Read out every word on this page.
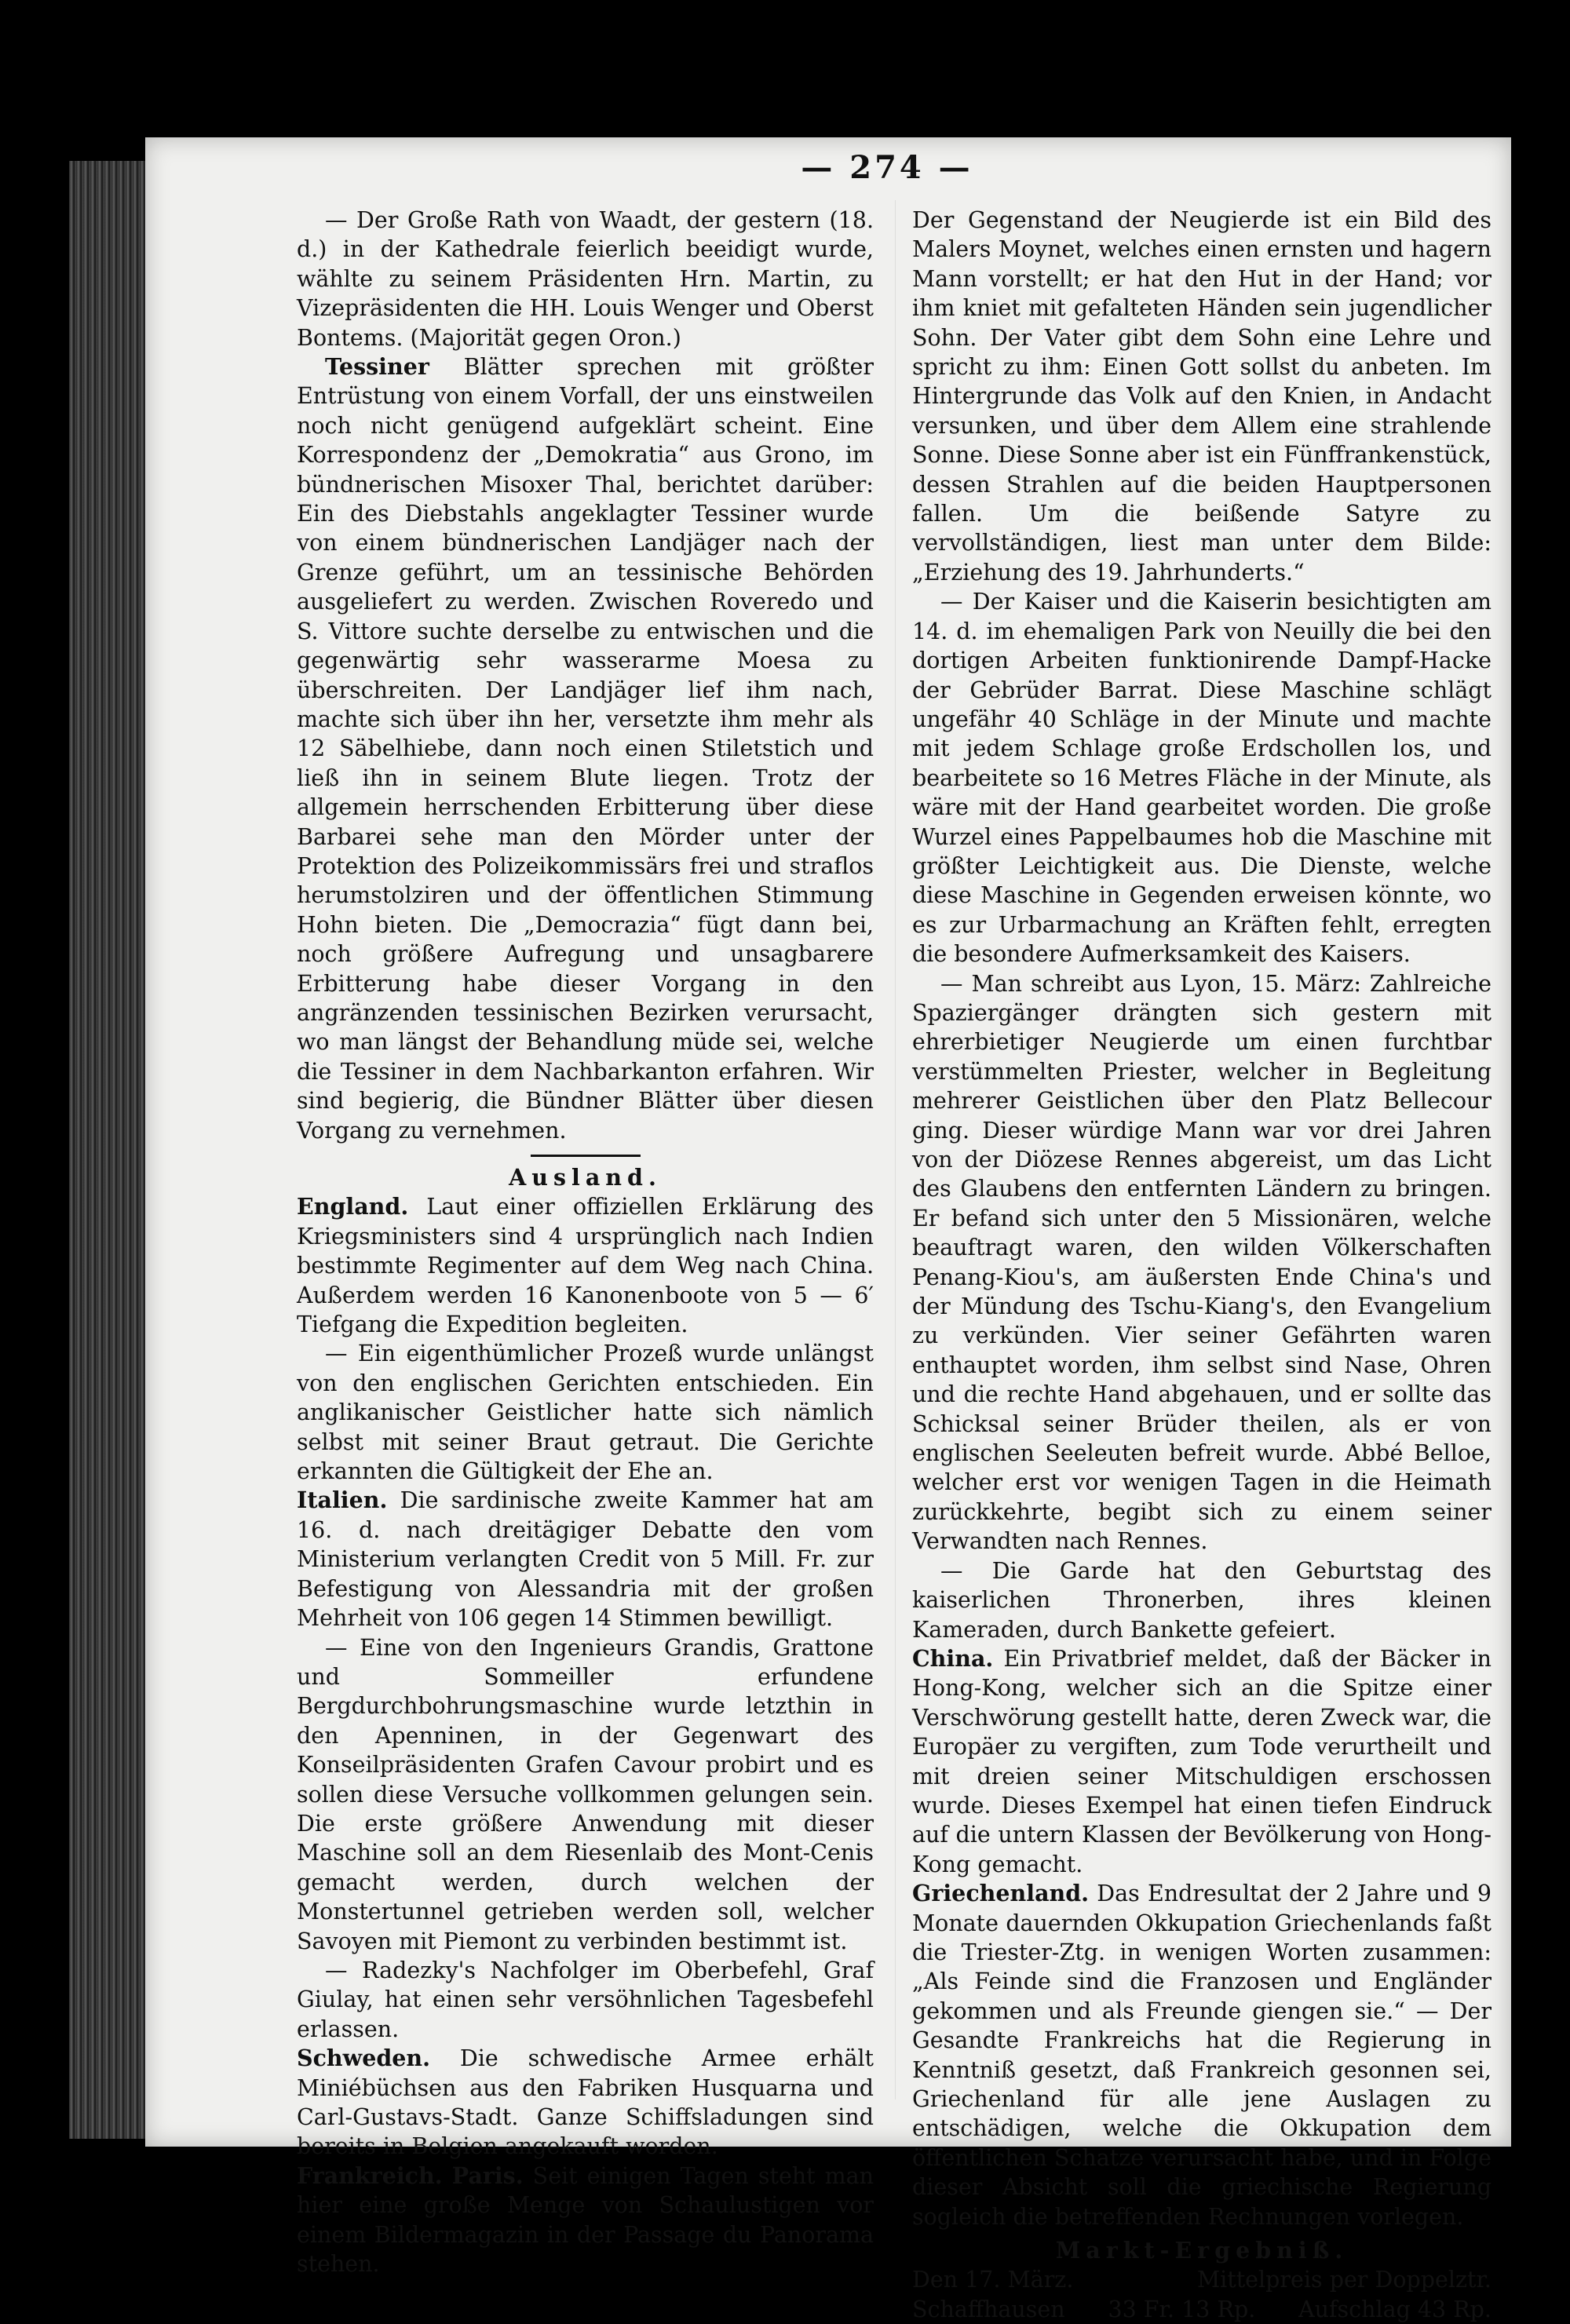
— 274 —

— Der Große Rath von Waadt, der gestern (18. d.) in der Kathedrale feierlich beeidigt wurde, wählte zu seinem Präsidenten Hrn. Martin, zu Vizepräsidenten die HH. Louis Wenger und Oberst Bontems. (Majorität gegen Oron.)

Tessiner Blätter sprechen mit größter Entrüstung von einem Vorfall, der uns einstweilen noch nicht genügend aufgeklärt scheint. Eine Korrespondenz der „Demokratia“ aus Grono, im bündnerischen Misoxer Thal, berichtet darüber: Ein des Diebstahls angeklagter Tessiner wurde von einem bündnerischen Landjäger nach der Grenze geführt, um an tessinische Behörden ausgeliefert zu werden. Zwischen Roveredo und S. Vittore suchte derselbe zu entwischen und die gegenwärtig sehr wasserarme Moesa zu überschreiten. Der Landjäger lief ihm nach, machte sich über ihn her, versetzte ihm mehr als 12 Säbelhiebe, dann noch einen Stiletstich und ließ ihn in seinem Blute liegen. Trotz der allgemein herrschenden Erbitterung über diese Barbarei sehe man den Mörder unter der Protektion des Polizeikommissärs frei und straflos herumstolziren und der öffentlichen Stimmung Hohn bieten. Die „Democrazia“ fügt dann bei, noch größere Aufregung und unsagbarere Erbitterung habe dieser Vorgang in den angränzenden tessinischen Bezirken verursacht, wo man längst der Behandlung müde sei, welche die Tessiner in dem Nachbarkanton erfahren. Wir sind begierig, die Bündner Blätter über diesen Vorgang zu vernehmen.

Ausland.

England. Laut einer offiziellen Erklärung des Kriegsministers sind 4 ursprünglich nach Indien bestimmte Regimenter auf dem Weg nach China. Außerdem werden 16 Kanonenboote von 5 — 6′ Tiefgang die Expedition begleiten.

— Ein eigenthümlicher Prozeß wurde unlängst von den englischen Gerichten entschieden. Ein anglikanischer Geistlicher hatte sich nämlich selbst mit seiner Braut getraut. Die Gerichte erkannten die Gültigkeit der Ehe an.

Italien. Die sardinische zweite Kammer hat am 16. d. nach dreitägiger Debatte den vom Ministerium verlangten Credit von 5 Mill. Fr. zur Befestigung von Alessandria mit der großen Mehrheit von 106 gegen 14 Stimmen bewilligt.

— Eine von den Ingenieurs Grandis, Grattone und Sommeiller erfundene Bergdurchbohrungsmaschine wurde letzthin in den Apenninen, in der Gegenwart des Konseilpräsidenten Grafen Cavour probirt und es sollen diese Versuche vollkommen gelungen sein. Die erste größere Anwendung mit dieser Maschine soll an dem Riesenlaib des Mont-Cenis gemacht werden, durch welchen der Monstertunnel getrieben werden soll, welcher Savoyen mit Piemont zu verbinden bestimmt ist.

— Radezky's Nachfolger im Oberbefehl, Graf Giulay, hat einen sehr versöhnlichen Tagesbefehl erlassen.

Schweden. Die schwedische Armee erhält Miniébüchsen aus den Fabriken Husquarna und Carl-Gustavs-Stadt. Ganze Schiffsladungen sind bereits in Belgien angekauft worden.

Frankreich. Paris. Seit einigen Tagen steht man hier eine große Menge von Schaulustigen vor einem Bildermagazin in der Passage du Panorama stehen.

Der Gegenstand der Neugierde ist ein Bild des Malers Moynet, welches einen ernsten und hagern Mann vorstellt; er hat den Hut in der Hand; vor ihm kniet mit gefalteten Händen sein jugendlicher Sohn. Der Vater gibt dem Sohn eine Lehre und spricht zu ihm: Einen Gott sollst du anbeten. Im Hintergrunde das Volk auf den Knien, in Andacht versunken, und über dem Allem eine strahlende Sonne. Diese Sonne aber ist ein Fünffrankenstück, dessen Strahlen auf die beiden Hauptpersonen fallen. Um die beißende Satyre zu vervollständigen, liest man unter dem Bilde: „Erziehung des 19. Jahrhunderts.“

— Der Kaiser und die Kaiserin besichtigten am 14. d. im ehemaligen Park von Neuilly die bei den dortigen Arbeiten funktionirende Dampf-Hacke der Gebrüder Barrat. Diese Maschine schlägt ungefähr 40 Schläge in der Minute und machte mit jedem Schlage große Erdschollen los, und bearbeitete so 16 Metres Fläche in der Minute, als wäre mit der Hand gearbeitet worden. Die große Wurzel eines Pappelbaumes hob die Maschine mit größter Leichtigkeit aus. Die Dienste, welche diese Maschine in Gegenden erweisen könnte, wo es zur Urbarmachung an Kräften fehlt, erregten die besondere Aufmerksamkeit des Kaisers.

— Man schreibt aus Lyon, 15. März: Zahlreiche Spaziergänger drängten sich gestern mit ehrerbietiger Neugierde um einen furchtbar verstümmelten Priester, welcher in Begleitung mehrerer Geistlichen über den Platz Bellecour ging. Dieser würdige Mann war vor drei Jahren von der Diözese Rennes abgereist, um das Licht des Glaubens den entfernten Ländern zu bringen. Er befand sich unter den 5 Missionären, welche beauftragt waren, den wilden Völkerschaften Penang-Kiou's, am äußersten Ende China's und der Mündung des Tschu-Kiang's, den Evangelium zu verkünden. Vier seiner Gefährten waren enthauptet worden, ihm selbst sind Nase, Ohren und die rechte Hand abgehauen, und er sollte das Schicksal seiner Brüder theilen, als er von englischen Seeleuten befreit wurde. Abbé Belloe, welcher erst vor wenigen Tagen in die Heimath zurückkehrte, begibt sich zu einem seiner Verwandten nach Rennes.

— Die Garde hat den Geburtstag des kaiserlichen Thronerben, ihres kleinen Kameraden, durch Bankette gefeiert.

China. Ein Privatbrief meldet, daß der Bäcker in Hong-Kong, welcher sich an die Spitze einer Verschwörung gestellt hatte, deren Zweck war, die Europäer zu vergiften, zum Tode verurtheilt und mit dreien seiner Mitschuldigen erschossen wurde. Dieses Exempel hat einen tiefen Eindruck auf die untern Klassen der Bevölkerung von Hong-Kong gemacht.

Griechenland. Das Endresultat der 2 Jahre und 9 Monate dauernden Okkupation Griechenlands faßt die Triester-Ztg. in wenigen Worten zusammen: „Als Feinde sind die Franzosen und Engländer gekommen und als Freunde giengen sie.“ — Der Gesandte Frankreichs hat die Regierung in Kenntniß gesetzt, daß Frankreich gesonnen sei, Griechenland für alle jene Auslagen zu entschädigen, welche die Okkupation dem öffentlichen Schatze verursacht habe, und in Folge dieser Absicht soll die griechische Regierung sogleich die betreffenden Rechnungen vorlegen.

Markt-Ergebniß.

Den 17. März.	Mittelpreis per Doppelztr.

Schaffhausen 33 Fr. 13 Rp. Aufschlag 43 Rp.
